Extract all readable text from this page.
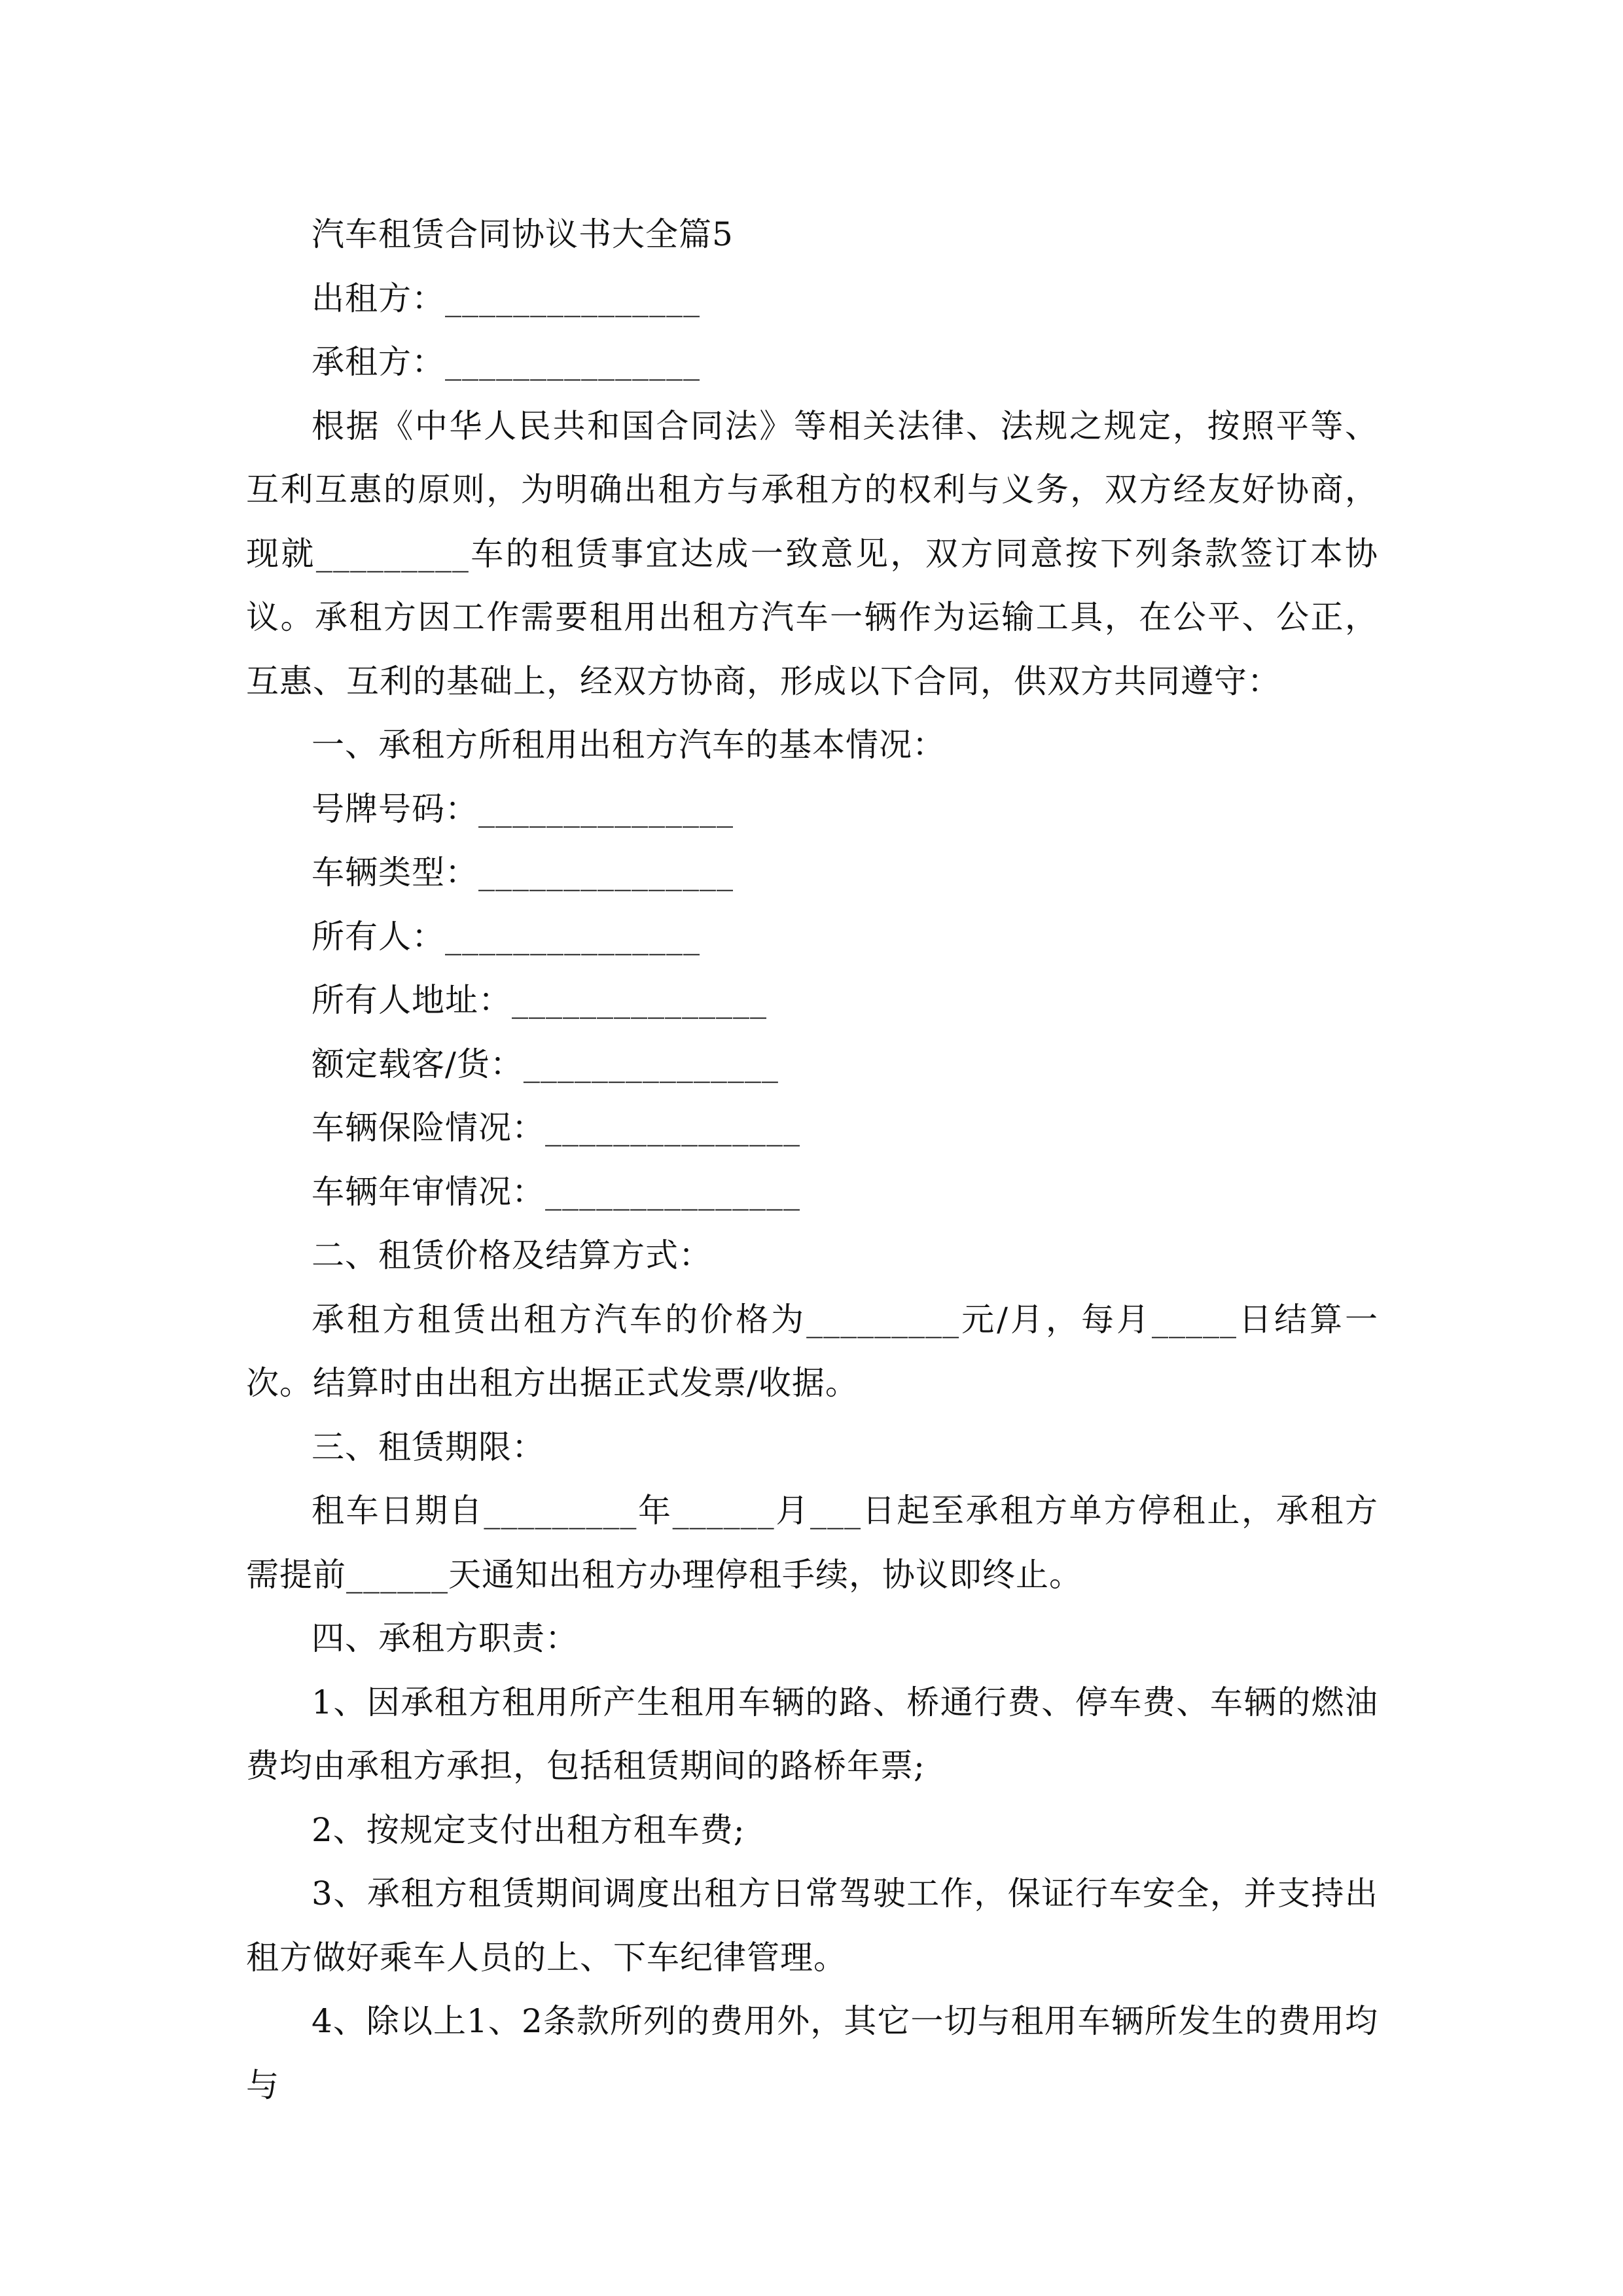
汽车租赁合同协议书大全篇5

出租方：_______________

承租方：_______________

根据《中华人民共和国合同法》等相关法律、法规之规定，按照平等、互利互惠的原则，为明确出租方与承租方的权利与义务，双方经友好协商，现就_________车的租赁事宜达成一致意见，双方同意按下列条款签订本协议。承租方因工作需要租用出租方汽车一辆作为运输工具，在公平、公正，互惠、互利的基础上，经双方协商，形成以下合同，供双方共同遵守：

一、承租方所租用出租方汽车的基本情况：

号牌号码：_______________

车辆类型：_______________

所有人：_______________

所有人地址：_______________

额定载客/货：_______________

车辆保险情况：_______________

车辆年审情况：_______________

二、租赁价格及结算方式：

承租方租赁出租方汽车的价格为_________元/月，每月_____日结算一次。结算时由出租方出据正式发票/收据。

三、租赁期限：

租车日期自_________年______月___日起至承租方单方停租止，承租方需提前______天通知出租方办理停租手续，协议即终止。

四、承租方职责：

1、因承租方租用所产生租用车辆的路、桥通行费、停车费、车辆的燃油费均由承租方承担，包括租赁期间的路桥年票;

2、按规定支付出租方租车费;

3、承租方租赁期间调度出租方日常驾驶工作，保证行车安全，并支持出租方做好乘车人员的上、下车纪律管理。

4、除以上1、2条款所列的费用外，其它一切与租用车辆所发生的费用均与
